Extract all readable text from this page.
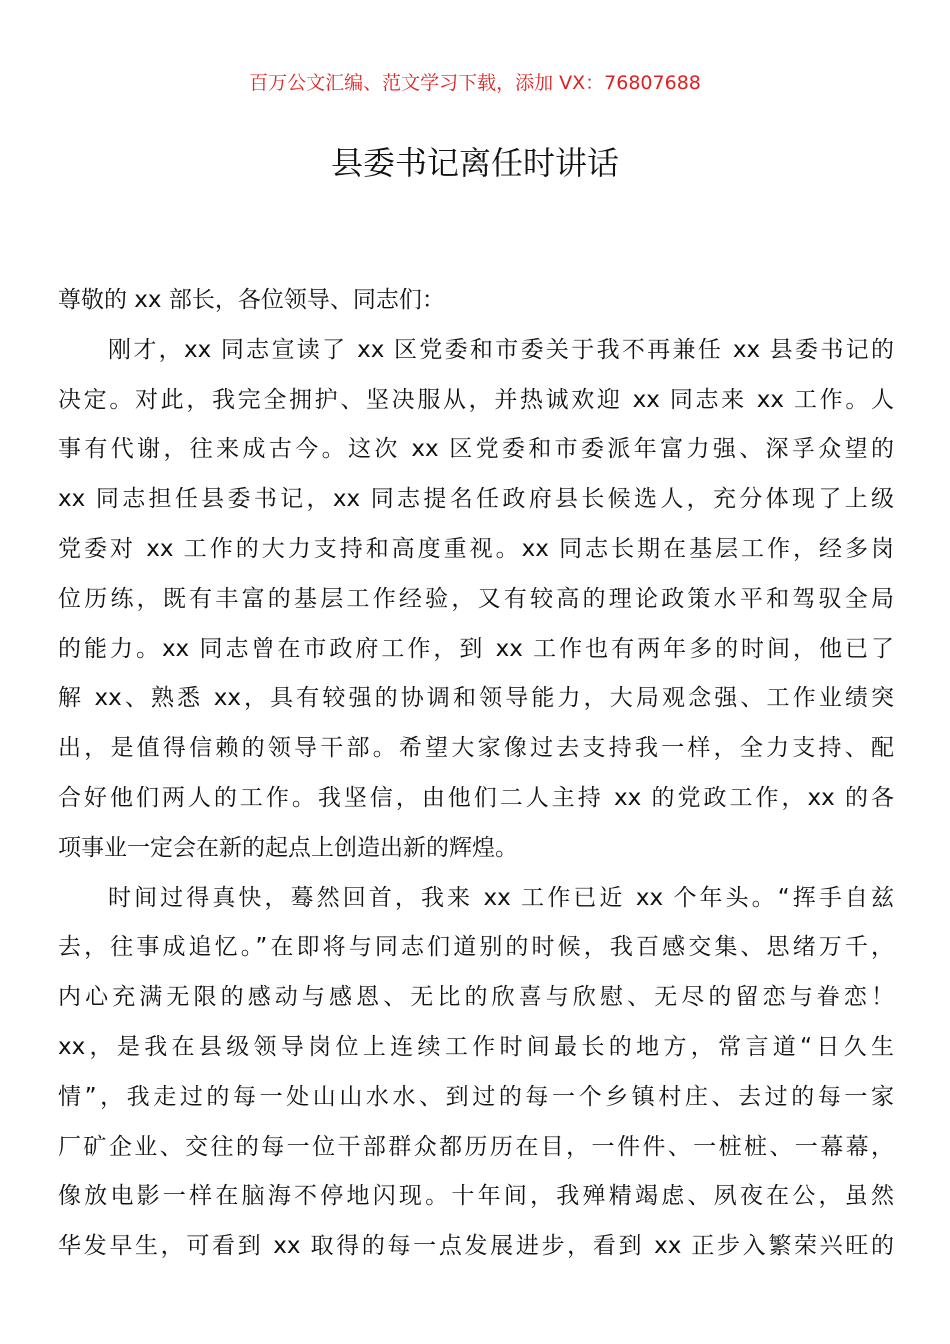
百万公文汇编、范文学习下载，添加 VX：76807688
县委书记离任时讲话
尊敬的 xx 部长，各位领导、同志们：
刚才，xx 同志宣读了 xx 区党委和市委关于我不再兼任 xx 县委书记的
决定。对此，我完全拥护、坚决服从，并热诚欢迎 xx 同志来 xx 工作。人
事有代谢，往来成古今。这次 xx 区党委和市委派年富力强、深孚众望的
xx 同志担任县委书记，xx 同志提名任政府县长候选人，充分体现了上级
党委对 xx 工作的大力支持和高度重视。xx 同志长期在基层工作，经多岗
位历练，既有丰富的基层工作经验，又有较高的理论政策水平和驾驭全局
的能力。xx 同志曾在市政府工作，到 xx 工作也有两年多的时间，他已了
解 xx、熟悉 xx，具有较强的协调和领导能力，大局观念强、工作业绩突
出，是值得信赖的领导干部。希望大家像过去支持我一样，全力支持、配
合好他们两人的工作。我坚信，由他们二人主持 xx 的党政工作，xx 的各
项事业一定会在新的起点上创造出新的辉煌。
时间过得真快，蓦然回首，我来 xx 工作已近 xx 个年头。“挥手自兹
去，往事成追忆。”在即将与同志们道别的时候，我百感交集、思绪万千，
内心充满无限的感动与感恩、无比的欣喜与欣慰、无尽的留恋与眷恋！
xx，是我在县级领导岗位上连续工作时间最长的地方，常言道“日久生
情”，我走过的每一处山山水水、到过的每一个乡镇村庄、去过的每一家
厂矿企业、交往的每一位干部群众都历历在目，一件件、一桩桩、一幕幕，
像放电影一样在脑海不停地闪现。十年间，我殚精竭虑、夙夜在公，虽然
华发早生，可看到 xx 取得的每一点发展进步，看到 xx 正步入繁荣兴旺的
